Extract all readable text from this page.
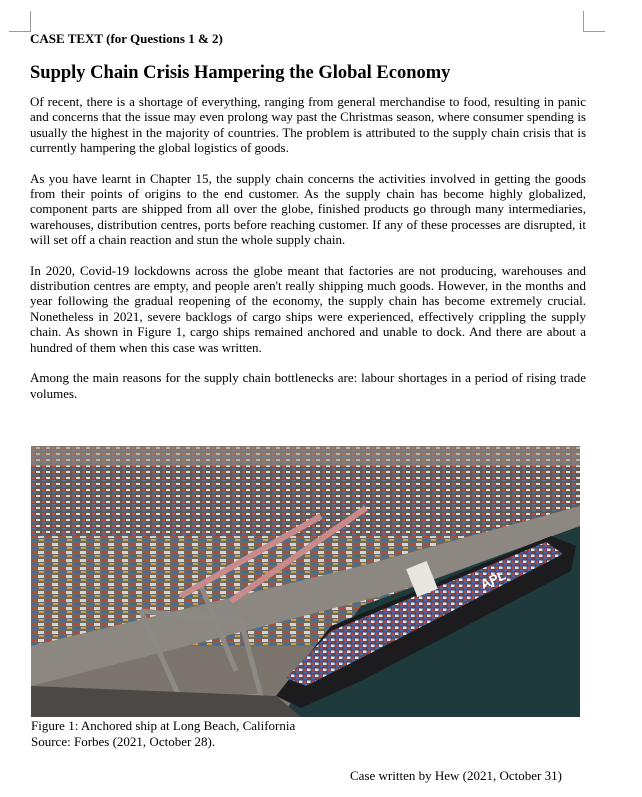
CASE TEXT (for Questions 1 & 2)

Supply Chain Crisis Hampering the Global Economy

Of recent, there is a shortage of everything, ranging from general merchandise to food, resulting in panic and concerns that the issue may even prolong way past the Christmas season, where consumer spending is usually the highest in the majority of countries. The problem is attributed to the supply chain crisis that is currently hampering the global logistics of goods.

As you have learnt in Chapter 15, the supply chain concerns the activities involved in getting the goods from their points of origins to the end customer. As the supply chain has become highly globalized, component parts are shipped from all over the globe, finished products go through many intermediaries, warehouses, distribution centres, ports before reaching customer. If any of these processes are disrupted, it will set off a chain reaction and stun the whole supply chain.

In 2020, Covid-19 lockdowns across the globe meant that factories are not producing, warehouses and distribution centres are empty, and people aren't really shipping much goods. However, in the months and year following the gradual reopening of the economy, the supply chain has become extremely crucial. Nonetheless in 2021, severe backlogs of cargo ships were experienced, effectively crippling the supply chain. As shown in Figure 1, cargo ships remained anchored and unable to dock. And there are about a hundred of them when this case was written.

Among the main reasons for the supply chain bottlenecks are: labour shortages in a period of rising trade volumes.

APL
Figure 1: Anchored ship at Long Beach, California
Source: Forbes (2021, October 28).
Case written by Hew (2021, October 31)
